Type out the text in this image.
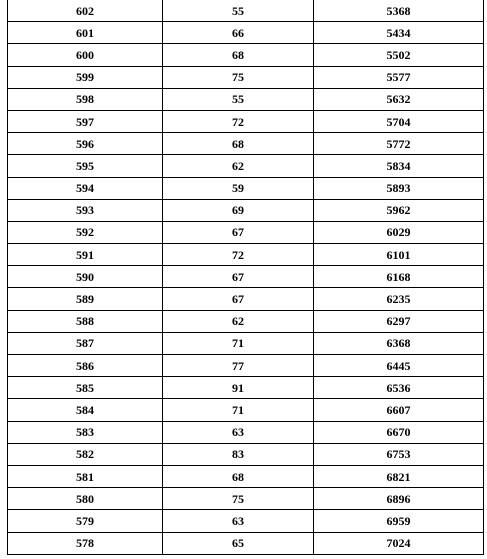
602	55	5368
601	66	5434
600	68	5502
599	75	5577
598	55	5632
597	72	5704
596	68	5772
595	62	5834
594	59	5893
593	69	5962
592	67	6029
591	72	6101
590	67	6168
589	67	6235
588	62	6297
587	71	6368
586	77	6445
585	91	6536
584	71	6607
583	63	6670
582	83	6753
581	68	6821
580	75	6896
579	63	6959
578	65	7024
